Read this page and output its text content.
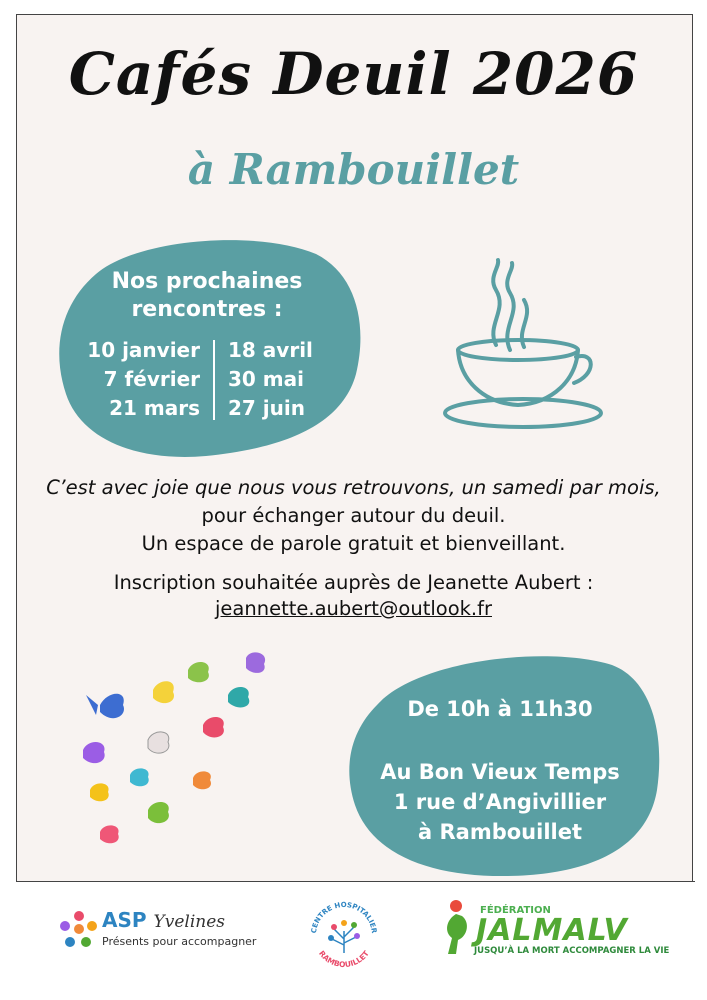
Cafés Deuil 2026
à Rambouillet
Nos prochaines
rencontres :
10 janvier
7 février
21 mars
18 avril
30 mai
27 juin
C’est avec joie que nous vous retrouvons, un samedi par mois,
pour échanger autour du deuil.
Un espace de parole gratuit et bienveillant.
Inscription souhaitée auprès de Jeanette Aubert :
jeannette.aubert@outlook.fr
De 10h à 11h30
Au Bon Vieux Temps
1 rue d’Angivillier
à Rambouillet
ASP Yvelines
Présents pour accompagner
CENTRE HOSPITALIER
RAMBOUILLET
FÉDÉRATION
JALMALV
JUSQU’À LA MORT ACCOMPAGNER LA VIE
